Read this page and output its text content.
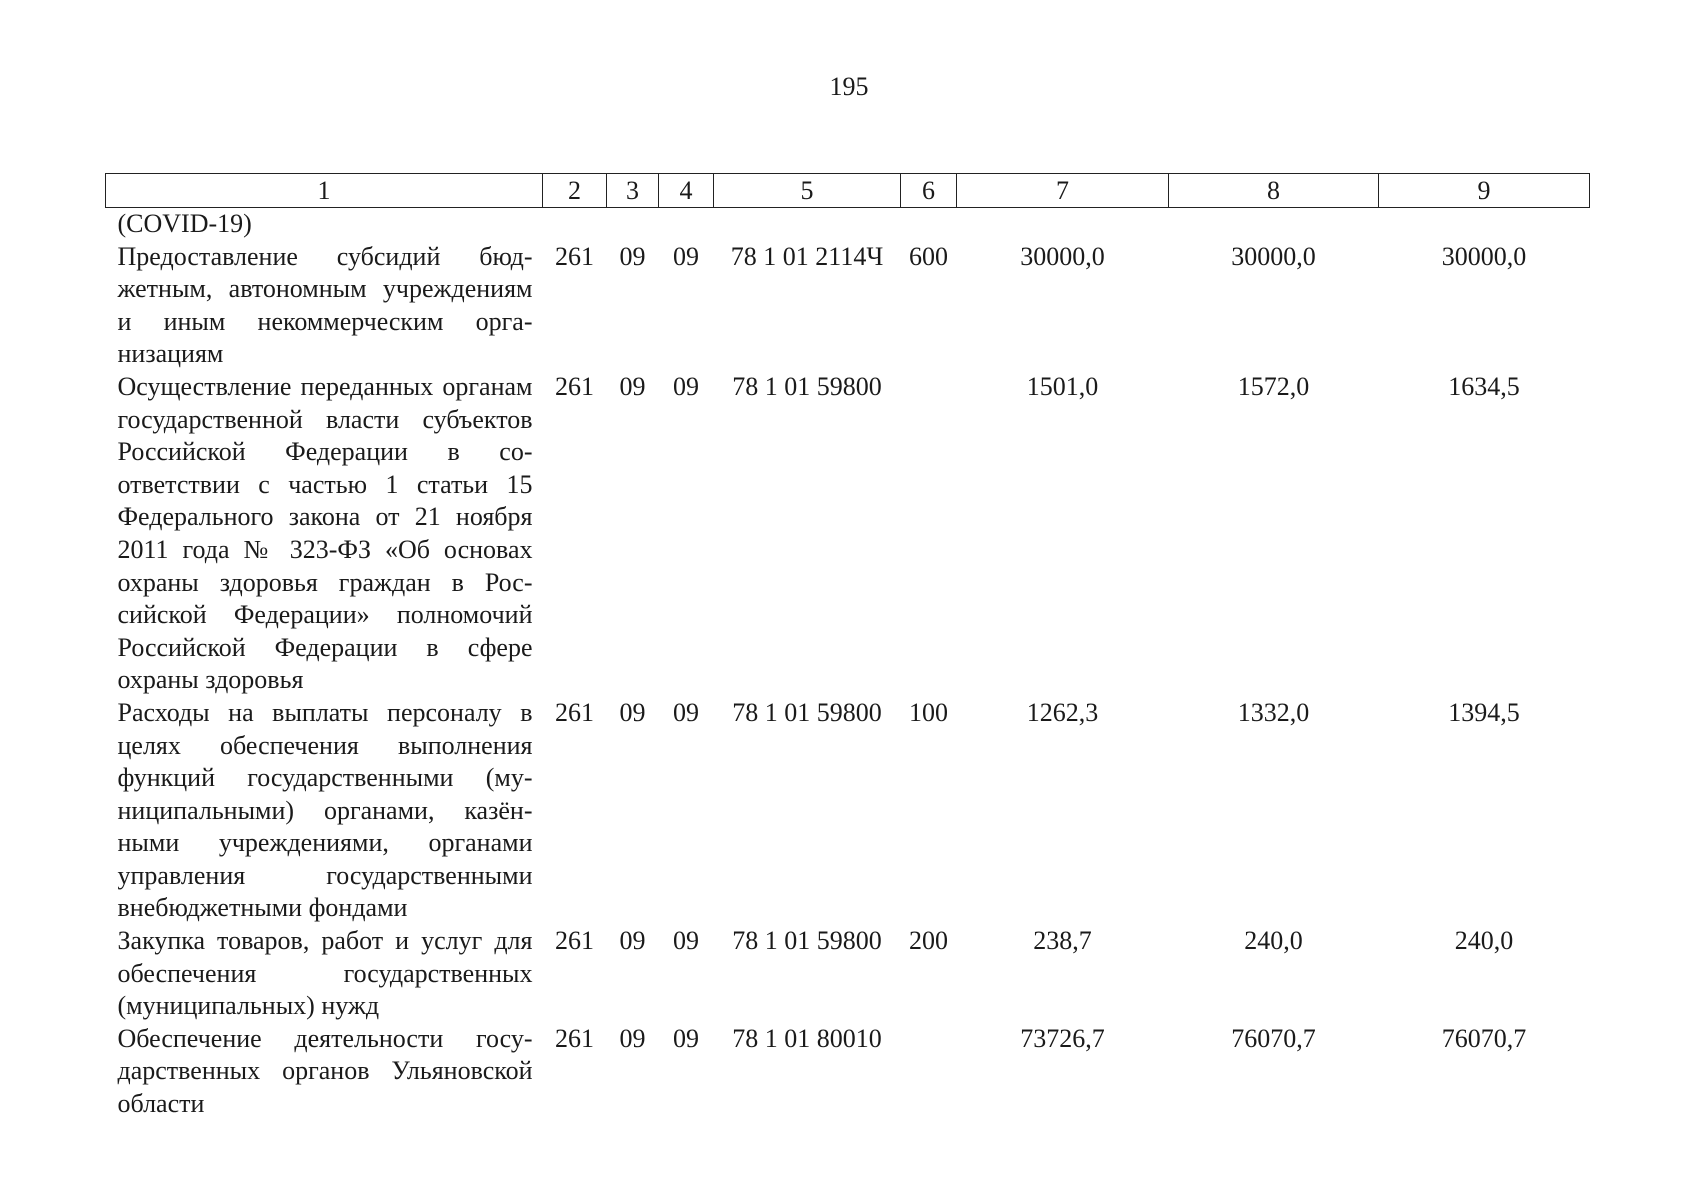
195
1	2	3	4	5	6	7	8	9
(COVID-19)								
Предоставление субсидий бюджетным, автономным учреждениям и иным некоммерческим организациям	261	09	09	78 1 01 2114Ч	600	30000,0	30000,0	30000,0
Осуществление переданных органам государственной власти субъектов Российской Федерации в соответствии с частью 1 статьи 15 Федерального закона от 21 ноября 2011 года № 323-ФЗ «Об основах охраны здоровья граждан в Российской Федерации» полномочий Российской Федерации в сфере охраны здоровья	261	09	09	78 1 01 59800		1501,0	1572,0	1634,5
Расходы на выплаты персоналу в целях обеспечения выполнения функций государственными (муниципальными) органами, казёнными учреждениями, органами управления государственными внебюджетными фондами	261	09	09	78 1 01 59800	100	1262,3	1332,0	1394,5
Закупка товаров, работ и услуг для обеспечения государственных (муниципальных) нужд	261	09	09	78 1 01 59800	200	238,7	240,0	240,0
Обеспечение деятельности государственных органов Ульяновской области	261	09	09	78 1 01 80010		73726,7	76070,7	76070,7
